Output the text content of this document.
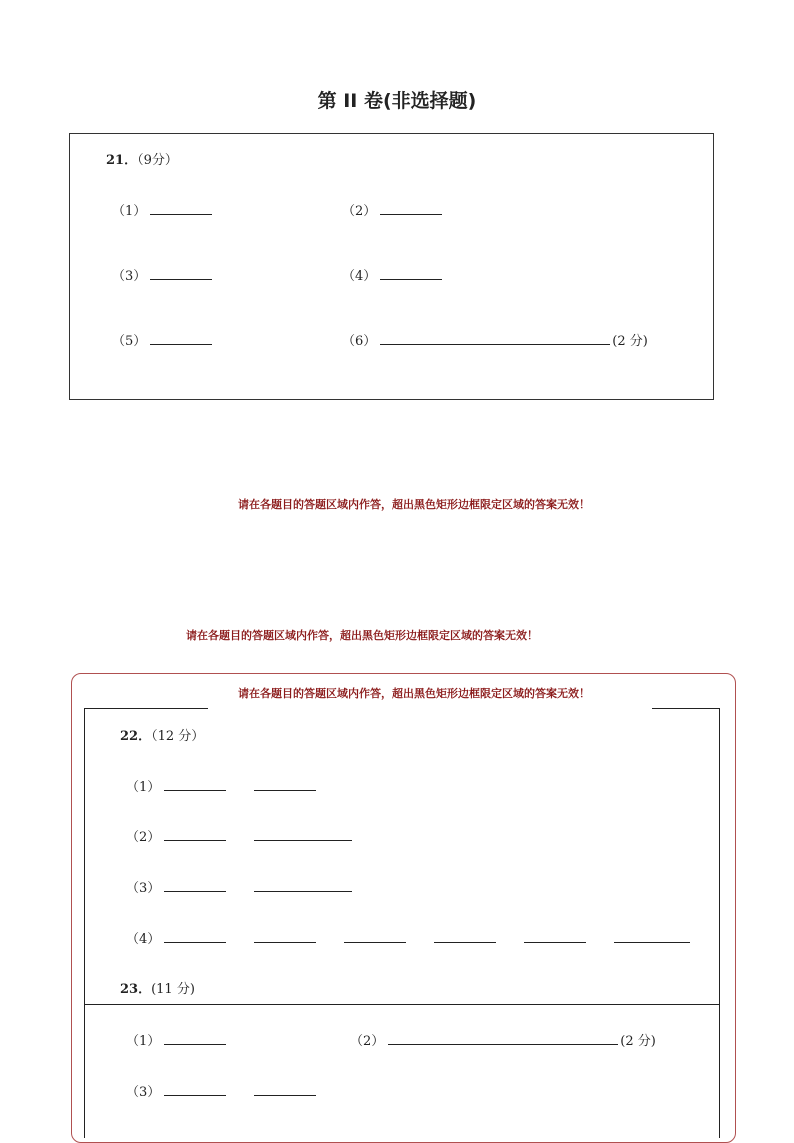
第 II 卷(非选择题)
21．（9分）
（1）	（2）
（3）	（4）
（5）	（6）	(2 分)
请在各题目的答题区域内作答，超出黑色矩形边框限定区域的答案无效！
请在各题目的答题区域内作答，超出黑色矩形边框限定区域的答案无效！
请在各题目的答题区域内作答，超出黑色矩形边框限定区域的答案无效！
22．（12 分）
（1）
（2）
（3）
（4）
23．(11 分)
（1）	（2）	(2 分)
（3）
